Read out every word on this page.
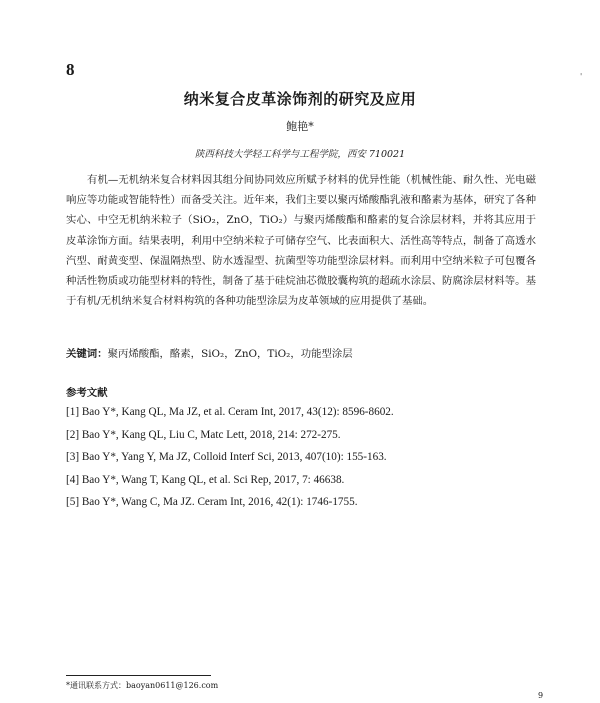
8	'
纳米复合皮革涂饰剂的研究及应用
鲍艳*
陕西科技大学轻工科学与工程学院，西安 710021

有机—无机纳米复合材料因其组分间协同效应所赋予材料的优异性能（机械性能、耐久性、光电磁响应等功能或智能特性）而备受关注。近年来，我们主要以聚丙烯酸酯乳液和酪素为基体，研究了各种实心、中空无机纳米粒子（SiO₂，ZnO，TiO₂）与聚丙烯酸酯和酪素的复合涂层材料，并将其应用于皮革涂饰方面。结果表明，利用中空纳米粒子可储存空气、比表面积大、活性高等特点，制备了高透水汽型、耐黄变型、保温隔热型、防水透湿型、抗菌型等功能型涂层材料。而利用中空纳米粒子可包覆各种活性物质或功能型材料的特性，制备了基于硅烷油芯微胶囊构筑的超疏水涂层、防腐涂层材料等。基于有机/无机纳米复合材料构筑的各种功能型涂层为皮革领域的应用提供了基础。

关键词：聚丙烯酸酯，酪素，SiO₂，ZnO，TiO₂，功能型涂层
参考文献
[1] Bao Y*, Kang QL, Ma JZ, et al. Ceram Int, 2017, 43(12): 8596-8602.
[2] Bao Y*, Kang QL, Liu C, Matc Lett, 2018, 214: 272-275.
[3] Bao Y*, Yang Y, Ma JZ, Colloid Interf Sci, 2013, 407(10): 155-163.
[4] Bao Y*, Wang T, Kang QL, et al. Sci Rep, 2017, 7: 46638.
[5] Bao Y*, Wang C, Ma JZ. Ceram Int, 2016, 42(1): 1746-1755.
*通讯联系方式：baoyan0611@126.com
9
